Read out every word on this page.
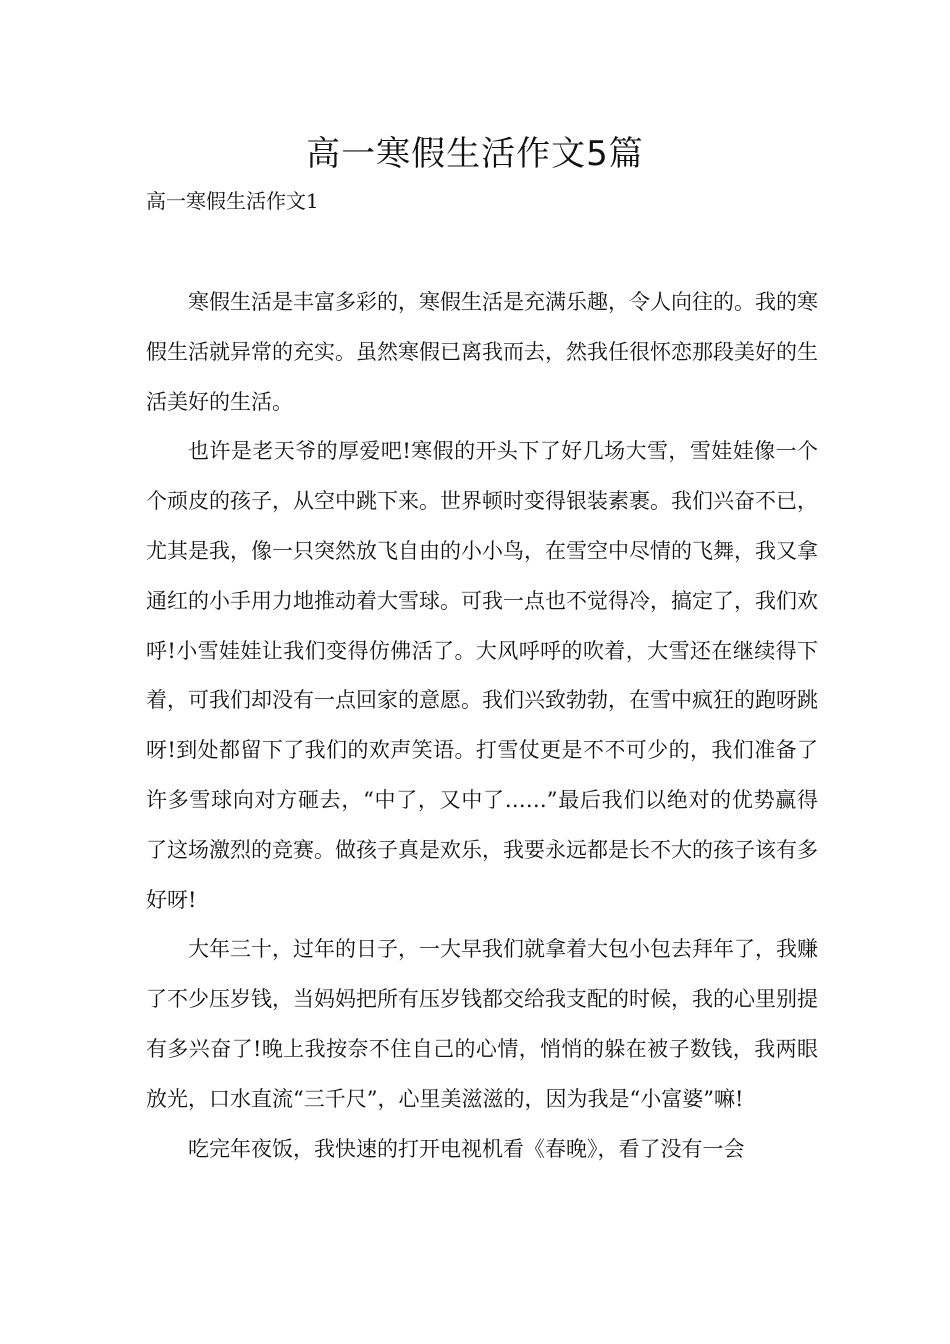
高一寒假生活作文5篇

高一寒假生活作文1

寒假生活是丰富多彩的，寒假生活是充满乐趣，令人向往的。我的寒假生活就异常的充实。虽然寒假已离我而去，然我任很怀恋那段美好的生活美好的生活。

也许是老天爷的厚爱吧!寒假的开头下了好几场大雪，雪娃娃像一个个顽皮的孩子，从空中跳下来。世界顿时变得银装素裹。我们兴奋不已，尤其是我，像一只突然放飞自由的小小鸟，在雪空中尽情的飞舞，我又拿通红的小手用力地推动着大雪球。可我一点也不觉得冷，搞定了，我们欢呼!小雪娃娃让我们变得仿佛活了。大风呼呼的吹着，大雪还在继续得下着，可我们却没有一点回家的意愿。我们兴致勃勃，在雪中疯狂的跑呀跳呀!到处都留下了我们的欢声笑语。打雪仗更是不不可少的，我们准备了许多雪球向对方砸去，“中了，又中了……”最后我们以绝对的优势赢得了这场激烈的竞赛。做孩子真是欢乐，我要永远都是长不大的孩子该有多好呀!

大年三十，过年的日子，一大早我们就拿着大包小包去拜年了，我赚了不少压岁钱，当妈妈把所有压岁钱都交给我支配的时候，我的心里别提有多兴奋了!晚上我按奈不住自己的心情，悄悄的躲在被子数钱，我两眼放光，口水直流“三千尺”，心里美滋滋的，因为我是“小富婆”嘛!

吃完年夜饭，我快速的打开电视机看《春晚》，看了没有一会
